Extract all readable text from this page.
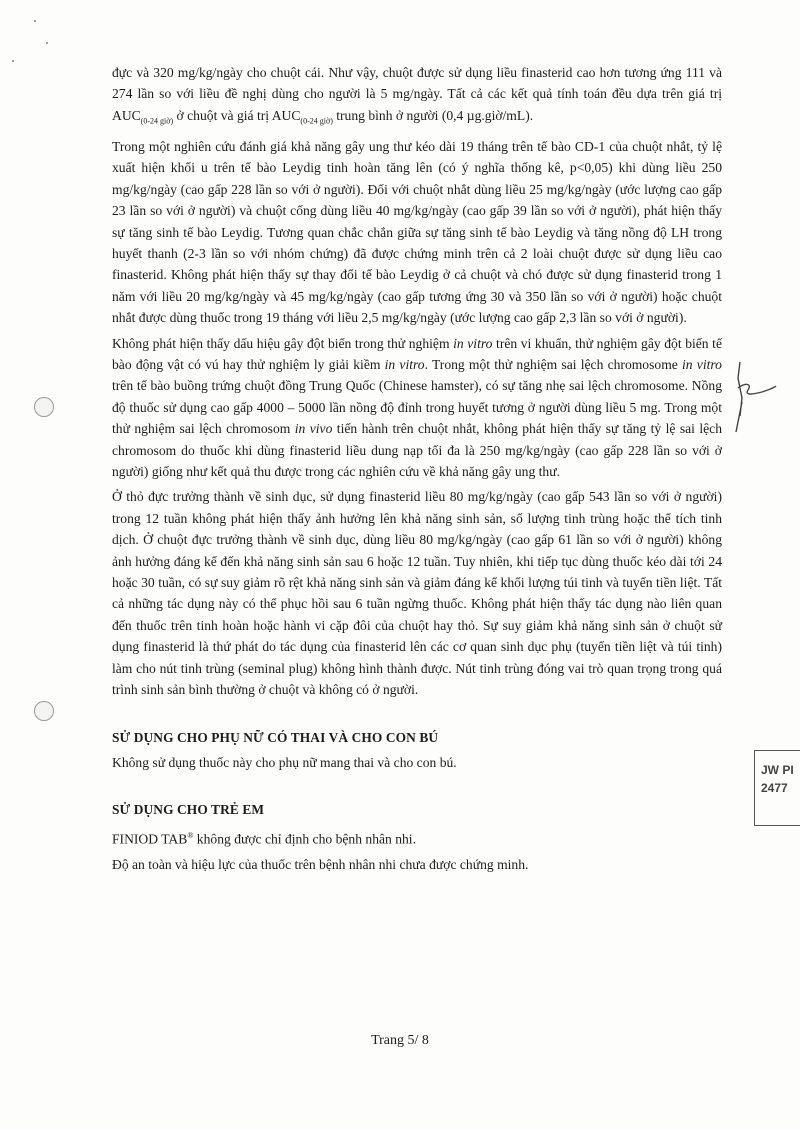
JW PI
2477

đực và 320 mg/kg/ngày cho chuột cái. Như vậy, chuột được sử dụng liều finasterid cao hơn tương ứng 111 và 274 lần so với liều đề nghị dùng cho người là 5 mg/ngày. Tất cả các kết quả tính toán đều dựa trên giá trị $AUC_{(0-24 giờ)}$ ở chuột và giá trị $AUC_{(0-24 giờ)}$ trung bình ở người (0,4 µg.giờ/mL).

Trong một nghiên cứu đánh giá khả năng gây ung thư kéo dài 19 tháng trên tế bào CD-1 của chuột nhắt, tỷ lệ xuất hiện khối u trên tế bào Leydig tinh hoàn tăng lên (có ý nghĩa thống kê, p<0,05) khi dùng liều 250 mg/kg/ngày (cao gấp 228 lần so với ở người). Đối với chuột nhắt dùng liều 25 mg/kg/ngày (ước lượng cao gấp 23 lần so với ở người) và chuột cống dùng liều 40 mg/kg/ngày (cao gấp 39 lần so với ở người), phát hiện thấy sự tăng sinh tế bào Leydig. Tương quan chắc chắn giữa sự tăng sinh tế bào Leydig và tăng nồng độ LH trong huyết thanh (2-3 lần so với nhóm chứng) đã được chứng minh trên cả 2 loài chuột được sử dụng liều cao finasterid. Không phát hiện thấy sự thay đổi tế bào Leydig ở cả chuột và chó được sử dụng finasterid trong 1 năm với liều 20 mg/kg/ngày và 45 mg/kg/ngày (cao gấp tương ứng 30 và 350 lần so với ở người) hoặc chuột nhắt được dùng thuốc trong 19 tháng với liều 2,5 mg/kg/ngày (ước lượng cao gấp 2,3 lần so với ở người).

Không phát hiện thấy dấu hiệu gây đột biến trong thử nghiệm in vitro trên vi khuẩn, thử nghiệm gây đột biến tế bào động vật có vú hay thử nghiệm ly giải kiềm in vitro. Trong một thử nghiệm sai lệch chromosome in vitro trên tế bào buồng trứng chuột đồng Trung Quốc (Chinese hamster), có sự tăng nhẹ sai lệch chromosome. Nồng độ thuốc sử dụng cao gấp 4000 – 5000 lần nồng độ đỉnh trong huyết tương ở người dùng liều 5 mg. Trong một thử nghiệm sai lệch chromosom in vivo tiến hành trên chuột nhắt, không phát hiện thấy sự tăng tỷ lệ sai lệch chromosom do thuốc khi dùng finasterid liều dung nạp tối đa là 250 mg/kg/ngày (cao gấp 228 lần so với ở người) giống như kết quả thu được trong các nghiên cứu về khả năng gây ung thư.

Ở thỏ đực trưởng thành về sinh dục, sử dụng finasterid liều 80 mg/kg/ngày (cao gấp 543 lần so với ở người) trong 12 tuần không phát hiện thấy ảnh hưởng lên khả năng sinh sản, số lượng tinh trùng hoặc thể tích tinh dịch. Ở chuột đực trưởng thành về sinh dục, dùng liều 80 mg/kg/ngày (cao gấp 61 lần so với ở người) không ảnh hưởng đáng kể đến khả năng sinh sản sau 6 hoặc 12 tuần. Tuy nhiên, khi tiếp tục dùng thuốc kéo dài tới 24 hoặc 30 tuần, có sự suy giảm rõ rệt khả năng sinh sản và giảm đáng kể khối lượng túi tinh và tuyến tiền liệt. Tất cả những tác dụng này có thể phục hồi sau 6 tuần ngừng thuốc. Không phát hiện thấy tác dụng nào liên quan đến thuốc trên tinh hoàn hoặc hành vi cặp đôi của chuột hay thỏ. Sự suy giảm khả năng sinh sản ở chuột sử dụng finasterid là thứ phát do tác dụng của finasterid lên các cơ quan sinh dục phụ (tuyến tiền liệt và túi tinh) làm cho nút tinh trùng (seminal plug) không hình thành được. Nút tinh trùng đóng vai trò quan trọng trong quá trình sinh sản bình thường ở chuột và không có ở người.

SỬ DỤNG CHO PHỤ NỮ CÓ THAI VÀ CHO CON BÚ
Không sử dụng thuốc này cho phụ nữ mang thai và cho con bú.
SỬ DỤNG CHO TRẺ EM
FINIOD TAB® không được chỉ định cho bệnh nhân nhi.
Độ an toàn và hiệu lực của thuốc trên bệnh nhân nhi chưa được chứng minh.
Trang 5/ 8
